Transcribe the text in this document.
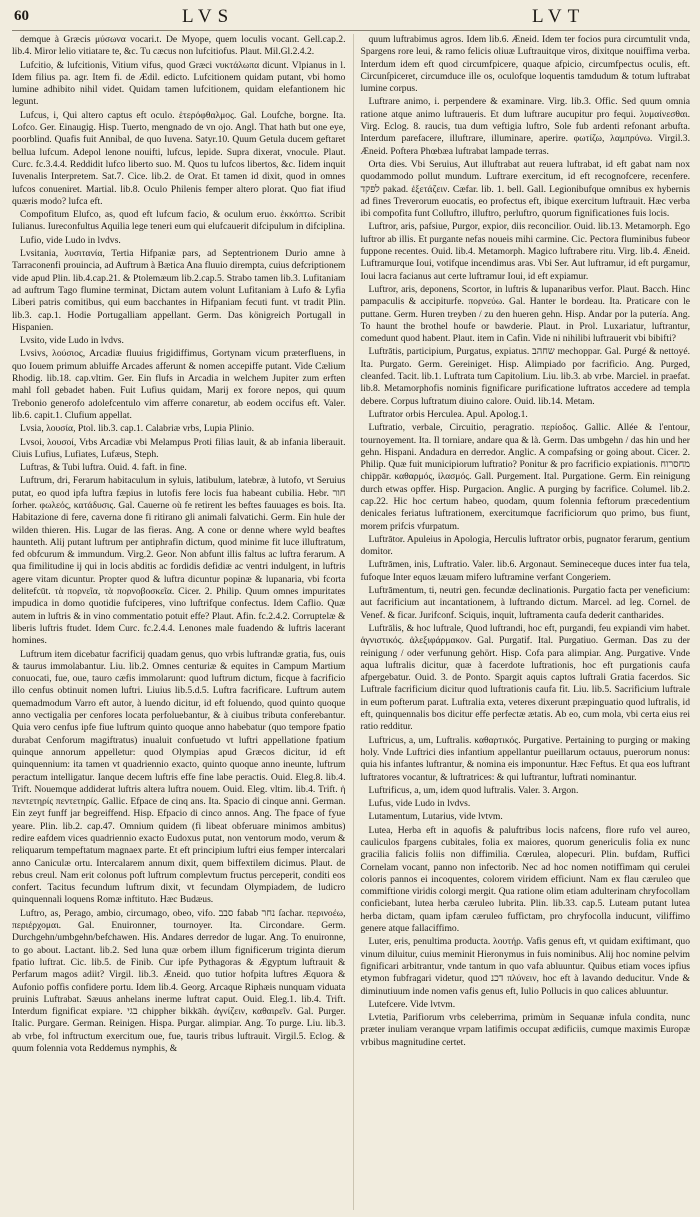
60	LVS	LVT

demque à Græcis μύσωνα vocari.t. De Myope, quem loculis vocant. Gell.cap.2. lib.4. Miror lelio vitiatare te, &c. Tu cæcus non lufcitiofus. Plaut. Mil.Gl.2.4.2.

Lufcitio, & lufcitionis, Vitium vifus, quod Græci νυκτάλωπα dicunt. Vlpianus in l. Idem filius pa. agr. Item fi. de Ædil. edicto. Lufcitionem quidam putant, vbi homo lumine adhibito nihil videt. Quidam tamen lufcitionem, quidam elefantionem hic legunt.

Lufcus, i, Qui altero captus eft oculo. ἑτερόφθαλμος. Gal. Loufche, borgne. Ita. Lofco. Ger. Einaugig. Hisp. Tuerto, mengnado de vn ojo. Angl. That hath but one eye, poorblind. Quafis fuit Annibal, de quo Iuvena. Satyr.10. Quum Getula ducem geftaret bellua lufcum. Adepol lenone nouifti, lufcus, lepide. Supra dixerat, vnocule. Plaut. Curc. fc.3.4.4. Reddidit lufco liberto suo. M. Quos tu lufcos libertos, &c. Iidem inquit Iuvenalis Interpretem. Sat.7. Cice. lib.2. de Orat. Et tamen id dixit, quod in omnes lufcos conueniret. Martial. lib.8. Oculo Philenis femper altero plorat. Quo fiat ifiud quæris modo? lufca eft.

Compofitum Elufco, as, quod eft lufcum facio, & oculum eruo. ἐκκόπτω. Scribit Iulianus. Iureconfultus Aquilia lege teneri eum qui elufcauerit difcipulum in difciplina.

Lufio, vide Ludo in lvdvs.

Lvsitania, λυσιτανία, Tertia Hifpaniæ pars, ad Septentrionem Durio amne à Tarraconenfi prouincia, ad Auftrum à Bætica Ana fluuio dirempta, cuius defcriptionem vide apud Plin. lib.4.cap.21. & Ptolemæum lib.2.cap.5. Strabo tamen lib.3. Lufitaniam ad auftrum Tago flumine terminat, Dictam autem volunt Lufitaniam à Lufo & Lyfia Liberi patris comitibus, qui eum bacchantes in Hifpaniam fecuti funt. vt tradit Plin. lib.3. cap.1. Hodie Portugalliam appellant. Germ. Das königreich Portugall in Hispanien.

Lvsito, vide Ludo in lvdvs.

Lvsivs, λούσιος, Arcadiæ fluuius frigidiffimus, Gortynam vicum præterfluens, in quo Iouem primum abluiffe Arcades afferunt & nomen accepiffe putant. Vide Cælium Rhodig. lib.18. cap.vltim. Ger. Ein flufs in Arcadia in welchem Jupiter zum erften mahl foll gebadet haben. Fuit Lufius quidam, Marij ex forore nepos, qui quum Trebonio generofo adolefcentulo vim afferre conaretur, ab eodem occifus eft. Valer. lib.6. capit.1. Clufium appellat.

Lvsia, λουσία, Ptol. lib.3. cap.1. Calabriæ vrbs, Lupia Plinio.

Lvsoi, λουσοί, Vrbs Arcadiæ vbi Melampus Proti filias lauit, & ab infania liberauit. Ciuis Lufius, Lufiates, Lufæus, Steph.

Luftras, & Tubi luftra. Ouid. 4. faft. in fine.

Luftrum, dri, Ferarum habitaculum in syluis, latibulum, latebræ, à lutofo, vt Seruius putat, eo quod ipfa luftra fæpius in lutofis fere locis fua habeant cubilia. Hebr. חור ſorher. φωλεός, κατάδυσις. Gal. Cauerne où fe retirent les beftes fauuages es bois. Ita. Habitazione di fere, caverna done fi ritirano gli animali falvatichi. Germ. Ein hule der wilden thieren. His. Lugar de las fieras. Ang. A cone or denne where wyld beaftes haunteth. Alij putant luftrum per antiphrafin dictum, quod minime fit luce illuftratum, fed obfcurum & immundum. Virg.2. Geor. Non abfunt illis faltus ac luftra ferarum. A qua fimilitudine ij qui in locis abditis ac fordidis defidiæ ac ventri indulgent, in luftris agere vitam dicuntur. Propter quod & luftra dicuntur popinæ & lupanaria, vbi fcorta delitefcūt. τὰ πορνεῖα, τὰ πορνοβοσκεῖα. Cicer. 2. Philip. Quum omnes impuritates impudica in domo quotidie fufciperes, vino luftrifque confectus. Idem Caflio. Quæ autem in luftris & in vino commentatio potuit effe? Plaut. Afin. fc.2.4.2. Corruptelæ & liberis luftris ftudet. Idem Curc. fc.2.4.4. Lenones male fuadendo & luftris lacerant homines.

Luftrum item dicebatur facrificij quadam genus, quo vrbis luftrandæ gratia, fus, ouis & taurus immolabantur. Liu. lib.2. Omnes centuriæ & equites in Campum Martium conuocati, fue, oue, tauro cæfis immolarunt: quod luftrum dictum, ficque à facrificio illo cenfus obtinuit nomen luftri. Liuius lib.5.d.5. Luftra facrificare. Luftrum autem quemadmodum Varro eft autor, à luendo dicitur, id eft foluendo, quod quinto quoque anno vectigalia per cenfores locata perfoluebantur, & à ciuibus tributa conferebantur. Quia vero cenfus ipfe fiue luftrum quinto quoque anno habebatur (quo tempore fpatio durabat Cenforum magiftratus) inualuit confuetudo vt luftri appellatione fpatium quinque annorum appelletur: quod Olympias apud Græcos dicitur, id eft quinquennium: ita tamen vt quadriennio exacto, quinto quoque anno ineunte, luftrum peractum intelligatur. Ianque decem luftris effe fine labe peractis. Ouid. Eleg.8. lib.4. Trift. Nouemque addiderat luftris altera luftra nouem. Ouid. Eleg. vltim. lib.4. Trift. ἡ πεντετηρίς πεντετηρίς. Gallic. Efpace de cinq ans. Ita. Spacio di cinque anni. German. Ein zeyt funff jar begreiffend. Hisp. Efpacio di cinco annos. Ang. The fpace of fyue yeare. Plin. lib.2. cap.47. Omnium quidem (fi libeat obferuare minimos ambitus) redire eafdem vices quadriennio exacto Eudoxus putat, non ventorum modo, verum & reliquarum tempeftatum magnaex parte. Et eft principium luftri eius femper intercalari anno Caniculæ ortu. Intercalarem annum dixit, quem biffextilem dicimus. Plaut. de rebus creul. Nam erit colonus poft luftrum complevtum fructus perceperit, conditi eos confert. Tacitus fecundum luftrum dixit, vt fecundam Olympiadem, de ludicro quinquennali loquens Romæ inftituto. Hæc Budæus.

Luftro, as, Perago, ambio, circumago, obeo, vifo. סבב fabab נחר ſachar. περινοέω, περιέρχομαι. Gal. Enuironner, tournoyer. Ita. Circondare. Germ. Durchgehn/umbgehn/befchawen. His. Andares derredor de lugar. Ang. To enuironne, to go about. Lactant. lib.2. Sed luna quæ orbem illum fignificerum triginta dierum fpatio luftrat. Cic. lib.5. de Finib. Cur ipfe Pythagoras & Ægyptum luftrauit & Perfarum magos adiit? Virgil. lib.3. Æneid. quo tutior hofpita luftres Æquora & Aufonio poffis confidere portu. Idem lib.4. Georg. Arcaque Riphæis nunquam viduata pruinis Luftrabat. Sæuus anhelans inerme luftrat caput. Ouid. Eleg.1. lib.4. Trift. Interdum fignificat expiare. בגי chippher bikkāh. ἀγνίζειν, καθαιρεῖν. Gal. Purger. Italic. Purgare. German. Reinigen. Hispa. Purgar. alimpiar. Ang. To purge. Liu. lib.3. ab vrbe, fol inftructum exercitum oue, fue, tauris tribus luftrauit. Virgil.5. Eclog. & quum folennia vota Reddemus nymphis, &

quum luftrabimus agros. Idem lib.6. Æneid. Idem ter focios pura circumtulit vnda, Spargens rore leui, & ramo felicis oliuæ Luftrauitque viros, dixitque nouiffima verba. Interdum idem eft quod circumfpicere, quaque afpicio, circumfpectus oculis, eft. Circunſpiceret, circumduce ille os, oculofque loquentis tamdudum & totum luftrabat lumine corpus.

Luftrare animo, i. perpendere & examinare. Virg. lib.3. Offic. Sed quum omnia ratione atque animo luftraueris. Et dum luftrare aucupitur pro fequi. λυμαίνεσθαι. Virg. Eclog. 8. raucis, tua dum veftigia luftro, Sole fub ardenti refonant arbufta. Interdum parefacere, illuftrare, illuminare, aperire. φωτίζω, λαμπρύνω. Virgil.3. Æneid. Poftera Phœbæa luftrabat lampade terras.

Orta dies. Vbi Seruius, Aut illuftrabat aut reuera luftrabat, id eft gabat nam nox quodammodo pollut mundum. Luftrare exercitum, id eft recognofcere, recenfere. לפקד pakad. ἐξετάζειν. Cæfar. lib. 1. bell. Gall. Legionibufque omnibus ex hybernis ad fines Treverorum euocatis, eo profectus eft, ibique exercitum luftrauit. Hæc verba ibi compofita funt Colluftro, illuftro, perluftro, quorum fignificationes fuis locis.

Luftror, aris, pafsiue, Purgor, expior, diis reconcilior. Ouid. lib.13. Metamorph. Ego luftror ab illis. Et purgante nefas noueis mihi carmine. Cic. Pectora fluminibus fubeor fuppone recentes. Ouid. lib.4. Metamorph. Magico luftrabere ritu. Virg. lib.4. Æneid. Luftramurque Ioui, votifque incendimus aras. Vbi Ser. Aut luftramur, id eft purgamur, Ioui lacra facianus aut certe luftramur Ioui, id eft expiamur.

Luftror, aris, deponens, Scortor, in luftris & lupanaribus verfor. Plaut. Bacch. Hinc pampaculis & accipiturfe. πορνεύω. Gal. Hanter le bordeau. Ita. Praticare con le puttane. Germ. Huren treyben / zu den hueren gehn. Hisp. Andar por la putería. Ang. To haunt the brothel houfe or bawderie. Plaut. in Prol. Luxariatur, luftrantur, comedunt quod habent. Plaut. item in Cafin. Vide ni nihilibi luftrauerit vbi bibifti?

Luftrātis, participium, Purgatus, expiatus. שחהב mechoppar. Gal. Purgé & nettoyé. Ita. Purgato. Germ. Gereiniget. Hisp. Alimpiado por facrificio. Ang. Purged, cleanfed. Tacit. lib.1. Luftrata tum Capitolium. Liu. lib.3. ab vrbe. Marciel. in praefat. lib.8. Metamorphofis nominis fignificare purificatione luftratos accedere ad templa debere. Corpus luftratum diuino calore. Ouid. lib.14. Metam.

Luftrator orbis Herculea. Apul. Apolog.1.

Luftratio, verbale, Circuitio, peragratio. περίοδος. Gallic. Allée & l'entour, tournoyement. Ita. Il torniare, andare qua & là. Germ. Das umbgehn / das hin und her gehn. Hispani. Andadura en derredor. Anglic. A compafsing or going about. Cicer. 2. Philip. Quæ fuit municipiorum luftratio? Ponitur & pro facrificio expiationis. מחסרוח chippār. καθαρμός, ἱλασμός. Gall. Purgement. Ital. Purgatione. Germ. Ein reinigung durch etwas opffer. Hisp. Purgacion. Anglic. A purging by facrifice. Columel. lib.2. cap.22. Hic hoc certum habeo, quodam, quum folennia feftorum præcedentium denicales feriatus luftrationem, exercitumque facrificiorum quo primo, bus fiunt, morem prifcis vfurpatum.

Luftrātor. Apuleius in Apologia, Herculis luftrator orbis, pugnator ferarum, gentium domitor.

Luftrāmen, inis, Luftratio. Valer. lib.6. Argonaut. Semineceque duces inter fua tela, fufoque Inter equos læuam mifero luftramine verfant Congeriem.

Luftrāmentum, ti, neutri gen. fecundæ declinationis. Purgatio facta per veneficium: aut facrificium aut incantationem, à luftrando dictum. Marcel. ad leg. Cornel. de Venef. & ficar. Jurifconf. Sciquis, inquit, luftramenta caufa dederit cantharides.

Luftrālis, & hoc luftrale, Quod luftrandi, hoc eft, purgandi, feu expiandi vim habet. ἁγνιστικός. ἀλεξιφάρμακον. Gal. Purgatif. Ital. Purgatiuo. German. Das zu der reinigung / oder verfunung gehört. Hisp. Cofa para alimpiar. Ang. Purgative. Vnde aqua luftralis dicitur, quæ à facerdote luftrationis, hoc eft purgationis caufa afpergebatur. Ouid. 3. de Ponto. Spargit aquis captos luftrali Gratia facerdos. Sic Luftrale facrificium dicitur quod luftrationis caufa fit. Liu. lib.5. Sacrificium luftrale in eum pofterum parat. Luftralia exta, veteres dixerunt præpinguatio quod luftralis, id eft, quinquennalis bos dicitur effe perfectæ ætatis. Ab eo, cum mola, vbi certa eius rei ratio redditur.

Luftricus, a, um, Luftralis. καθαρτικός. Purgative. Pertaining to purging or making holy. Vnde Luftrici dies infantium appellantur pueillarum octauus, puerorum nonus: quia his infantes luftrantur, & nomina eis imponuntur. Hæc Feftus. Et qua eos luftrant luftratores vocantur, & luftratrices: & qui luftrantur, luftrati nominantur.

Luftrificus, a, um, idem quod luftralis. Valer. 3. Argon.

Lufus, vide Ludo in lvdvs.

Lutamentum, Lutarius, vide lvtvm.

Lutea, Herba eft in aquofis & paluftribus locis nafcens, flore rufo vel aureo, cauliculos fpargens cubitales, folia ex maiores, quorum genericulis folia ex nunc gracilia falicis foliis non diffimilia. Cœrulea, alopecuri. Plin. bufdam, Ruffici Cornelam vocant, panno non infectorib. Nec ad hoc nomen notiffimam qui cerulei coloris pannos ei incoquentes, colorem viridem efficiunt. Nam ex flau cæruleo que commiftione viridis colorgi mergit. Qua ratione olim etiam adulterinam chryfocollam conficiebant, lutea herba cæruleo lubrita. Plin. lib.33. cap.5. Luteam putant lutea herba dictam, quam ipfam cæruleo fuffictam, pro chryfocolla inducunt, viliffimo genere atque fallaciffimo.

Luter, eris, penultima producta. λουτήρ. Vafis genus eft, vt quidam exiftimant, quo vinum diluitur, cuius meminit Hieronymus in fuis nominibus. Alij hoc nomine pelvim fignificari arbitrantur, vnde tantum in quo vafa abluuntur. Quibus etiam voces ipfius etymon fubfragari videtur, quod דכנ πλύνειν, hoc eft à lavando deducitur. Vnde & diminutiuum inde nomen vafis genus eft, Iulio Pollucis in quo calices abluuntur.

Lutefcere. Vide lvtvm.

Lvtetia, Parifiorum vrbs celeberrima, primùm in Sequanæ infula condita, nunc præter inuliam veranque vrpam latifimis occupat ædificiis, cumque maximis Europæ vrbibus magnitudine certet.
